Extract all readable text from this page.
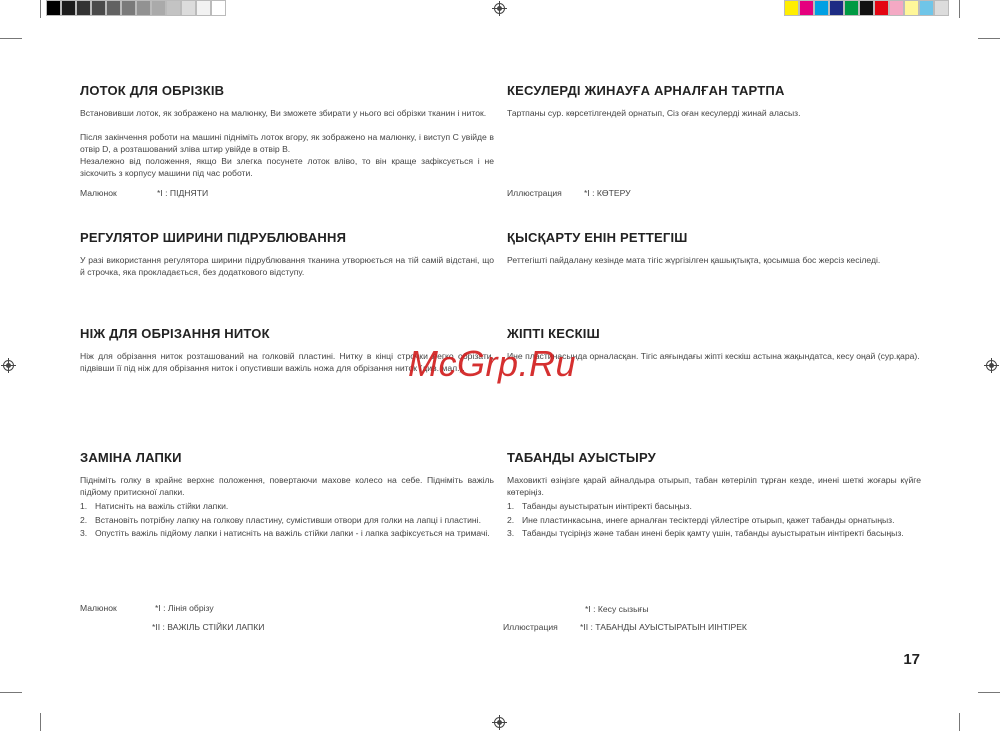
ЛОТОК ДЛЯ ОБРІЗКІВ

Встановивши лоток, як зображено на малюнку, Ви зможете збирати у нього всі обрізки тканин і ниток.

Після закінчення роботи на машині підніміть лоток вгору, як зображено на малюнку, і виступ С увійде в отвір D, а розташований зліва штир увійде в отвір В.

Незалежно від положення, якщо Ви злегка посунете лоток вліво, то він краще зафіксується і не зіскочить з корпусу машини під час роботи.

Малюнок	*I : ПІДНЯТИ
РЕГУЛЯТОР ШИРИНИ ПІДРУБЛЮВАННЯ

У разі використання регулятора ширини підрублювання тканина утворюється на тій самій відстані, що й строчка, яка прокладається, без додаткового відступу.

НІЖ ДЛЯ ОБРІЗАННЯ НИТОК

Ніж для обрізання ниток розташований на голковій пластині. Нитку в кінці строчки легко обрізати, підвівши її під ніж для обрізання ниток і опустивши важіль ножа для обрізання ниток (див. мал.).

ЗАМІНА ЛАПКИ

Підніміть голку в крайнє верхнє положення, повертаючи махове колесо на себе. Підніміть важіль підйому притискної лапки.

1. Натисніть на важіль стійки лапки.
2. Встановіть потрібну лапку на голкову пластину, сумістивши отвори для голки на лапці і пластині.
3. Опустіть важіль підйому лапки і натисніть на важіль стійки лапки - і лапка зафіксується на тримачі.
Малюнок	*I : Лінія обрізу
*II : ВАЖІЛЬ СТІЙКИ ЛАПКИ
КЕСУЛЕРДІ ЖИНАУҒА АРНАЛҒАН ТАРТПА

Тартпаны сур. көрсетілгендей орнатып, Сіз оған кесулерді жинай аласыз.

Иллюстрация	*I : КӨТЕРУ
ҚЫСҚАРТУ ЕНІН РЕТТЕГІШ

Реттегішті пайдалану кезінде мата тігіс жүргізілген қашықтықта, қосымша бос жерсіз кесіледі.

ЖІПТІ КЕСКІШ

Ине пластинасында орналасқан. Тігіс аяғындағы жіпті кескіш астына жақындатса, кесу оңай (сур.қара).

ТАБАНДЫ АУЫСТЫРУ

Маховикті өзіңізге қарай айналдыра отырып, табан көтеріліп тұрған кезде, инені шеткі жоғары күйге көтеріңіз.

1. Табанды ауыстыратын иінтіректі басыңыз.
2. Ине пластинкасына, инеге арналған тесіктерді үйлестіре отырып, қажет табанды орнатыңыз.
3. Табанды түсіріңіз және табан инені берік қамту үшін, табанды ауыстыратын иінтіректі басыңыз.
*I : Кесу сызығы
Иллюстрация	*II : ТАБАНДЫ АУЫСТЫРАТЫН ИІНТІРЕК
17
McGrp.Ru
